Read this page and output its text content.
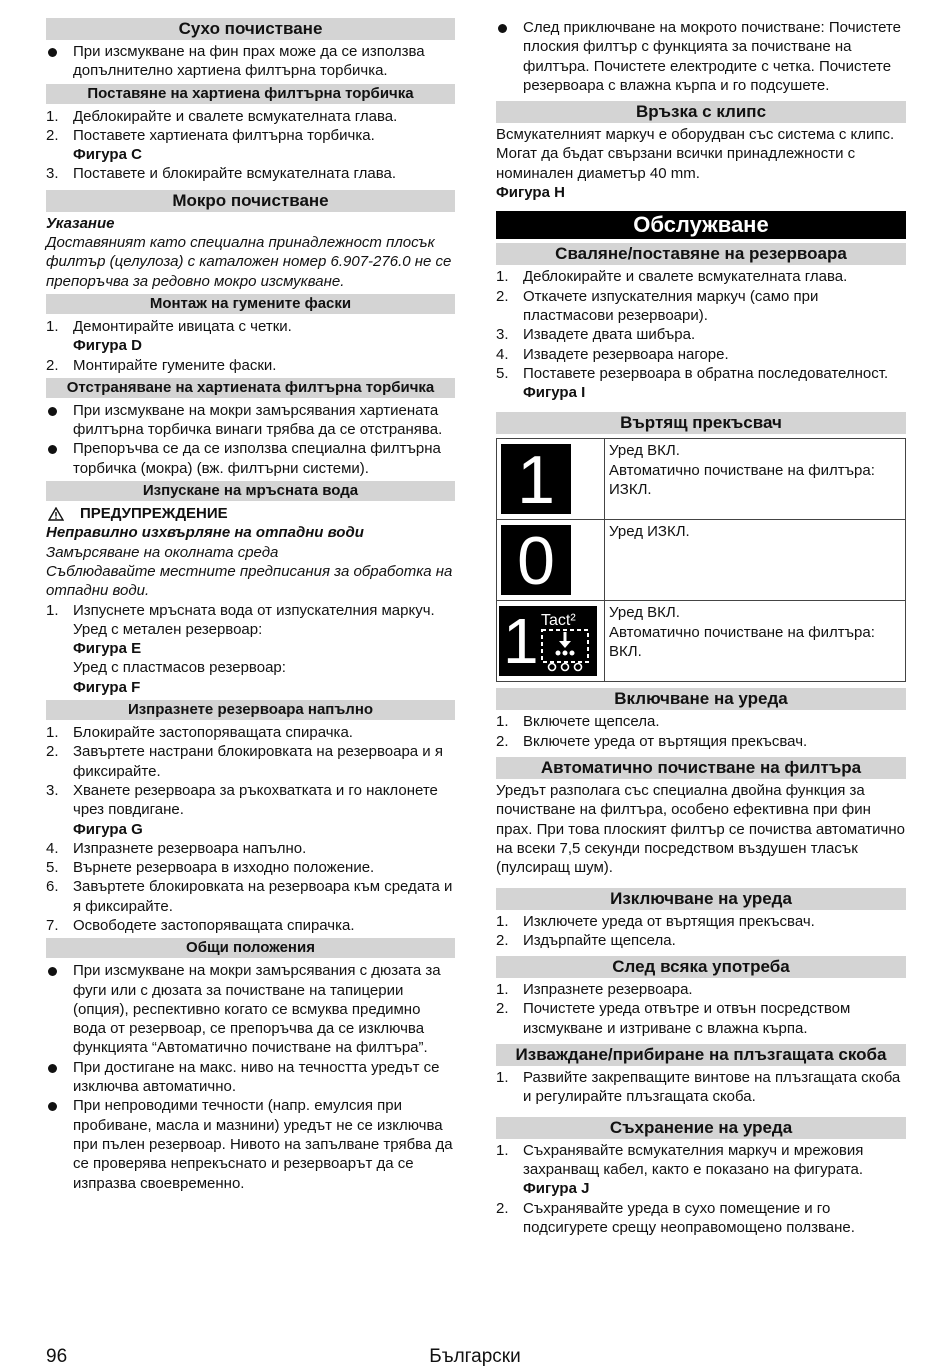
Сухо почистване
При изсмукване на фин прах може да се използва допълнително хартиена филтърна торбичка.
Поставяне на хартиена филтърна торбичка
1. Деблокирайте и свалете всмукателната глава.
2. Поставете хартиената филтърна торбичка.
Фигура C
3. Поставете и блокирайте всмукателната глава.
Мокро почистване

Указание

Доставяният като специална принадлежност плосък филтър (целулоза) с каталожен номер 6.907-276.0 не се препоръчва за редовно мокро изсмукване.

Монтаж на гумените фаски
1. Демонтирайте ивицата с четки.
Фигура D
2. Монтирайте гумените фаски.
Отстраняване на хартиената филтърна торбичка
При изсмукване на мокри замърсявания хартиената филтърна торбичка винаги трябва да се отстранява.
Препоръчва се да се използва специална филтърна торбичка (мокра) (вж. филтърни системи).
Изпускане на мръсната вода
ПРЕДУПРЕЖДЕНИЕ

Неправилно изхвърляне на отпадни води

Замърсяване на околната среда

Съблюдавайте местните предписания за обработка на отпадни води.

1. Изпуснете мръсната вода от изпускателния маркуч.
Уред с метален резервоар:
Фигура E
Уред с пластмасов резервоар:
Фигура F
Изпразнете резервоара напълно
1. Блокирайте застопоряващата спирачка.
2. Завъртете настрани блокировката на резервоара и я фиксирайте.
3. Хванете резервоара за ръкохватката и го наклонете чрез повдигане.
Фигура G
4. Изпразнете резервоара напълно.
5. Върнете резервоара в изходно положение.
6. Завъртете блокировката на резервоара към средата и я фиксирайте.
7. Освободете застопоряващата спирачка.
Общи положения
При изсмукване на мокри замърсявания с дюзата за фуги или с дюзата за почистване на тапицерии (опция), респективно когато се всмуква предимно вода от резервоар, се препоръчва да се изключва функцията “Автоматично почистване на филтъра”.
При достигане на макс. ниво на течността уредът се изключва автоматично.
При непроводими течности (напр. емулсия при пробиване, масла и мазнини) уредът не се изключва при пълен резервоар. Нивото на запълване трябва да се проверява непрекъснато и резервоарът да се изпразва своевременно.
След приключване на мокрото почистване: Почистете плоския филтър с функцията за почистване на филтъра. Почистете електродите с четка. Почистете резервоара с влажна кърпа и го подсушете.
Връзка с клипс

Всмукателният маркуч е оборудван със система с клипс. Могат да бъдат свързани всички принадлежности с номинален диаметър 40 mm.

Фигура H

Обслужване
Сваляне/поставяне на резервоара
1. Деблокирайте и свалете всмукателната глава.
2. Откачете изпускателния маркуч (само при пластмасови резервоари).
3. Извадете двата шибъра.
4. Извадете резервоара нагоре.
5. Поставете резервоара в обратна последователност.
Фигура I
Въртящ прекъсвач
1	Уред ВКЛ.
Автоматично почистване на филтъра: ИЗКЛ.

0	Уред ИЗКЛ.

1 Tact²	Уред ВКЛ.
Автоматично почистване на филтъра: ВКЛ.
Включване на уреда
1. Включете щепсела.
2. Включете уреда от въртящия прекъсвач.
Автоматично почистване на филтъра

Уредът разполага със специална двойна функция за почистване на филтъра, особено ефективна при фин прах. При това плоският филтър се почиства автоматично на всеки 7,5 секунди посредством въздушен тласък (пулсиращ шум).

Изключване на уреда
1. Изключете уреда от въртящия прекъсвач.
2. Издърпайте щепсела.
След всяка употреба
1. Изпразнете резервоара.
2. Почистете уреда отвътре и отвън посредством изсмукване и изтриване с влажна кърпа.
Изваждане/прибиране на плъзгащата скоба
1. Развийте закрепващите винтове на плъзгащата скоба и регулирайте плъзгащата скоба.
Съхранение на уреда
1. Съхранявайте всмукателния маркуч и мрежовия захранващ кабел, както е показано на фигурата.
Фигура J
2. Съхранявайте уреда в сухо помещение и го подсигурете срещу неоправомощено ползване.
Български
96
